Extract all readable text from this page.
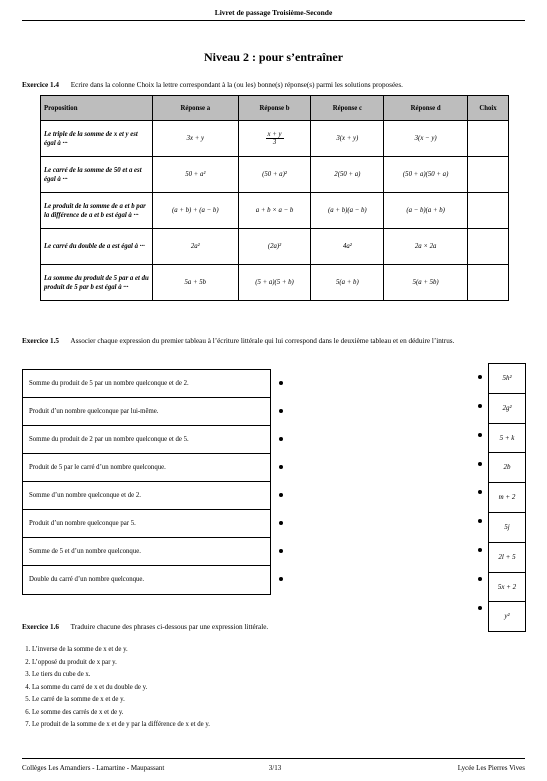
Livret de passage Troisième-Seconde
Niveau 2 : pour s’entraîner
Exercice 1.4 Ecrire dans la colonne Choix la lettre correspondant à la (ou les) bonne(s) réponse(s) parmi les solutions proposées.
Proposition	Réponse a	Réponse b	Réponse c	Réponse d	Choix
Le triple de la somme de x et y est égal à ···	3x + y	$\frac{x + y}{3}$	3(x + y)	3(x − y)	
Le carré de la somme de 50 et a est égal à ···	50 + a²	(50 + a)²	2(50 + a)	(50 + a)(50 + a)	
Le produit de la somme de a et b par la différence de a et b est égal à ···	(a + b) + (a − b)	a + b × a − b	(a + b)(a − b)	(a − b)(a + b)	
Le carré du double de a est égal à ···	2a²	(2a)²	4a²	2a × 2a	
La somme du produit de 5 par a et du produit de 5 par b est égal à ···	5a + 5b	(5 + a)(5 + b)	5(a + b)	5(a + 5b)	
Exercice 1.5 Associer chaque expression du premier tableau à l’écriture littérale qui lui correspond dans le deuxième tableau et en déduire l’intrus.
Somme du produit de 5 par un nombre quelconque et de 2.
Produit d’un nombre quelconque par lui-même.
Somme du produit de 2 par un nombre quelconque et de 5.
Produit de 5 par le carré d’un nombre quelconque.
Somme d’un nombre quelconque et de 2.
Produit d’un nombre quelconque par 5.
Somme de 5 et d’un nombre quelconque.
Double du carré d’un nombre quelconque.
5h²
2g²
5 + k
2b
m + 2
5j
2l + 5
5x + 2
y²
Exercice 1.6 Traduire chacune des phrases ci-dessous par une expression littérale.
1. L’inverse de la somme de x et de y.
2. L’opposé du produit de x par y.
3. Le tiers du cube de x.
4. La somme du carré de x et du double de y.
5. Le carré de la somme de x et de y.
6. Le somme des carrés de x et de y.
7. Le produit de la somme de x et de y par la différence de x et de y.
Collèges Les Amandiers - Lamartine - Maupassant	3/13	Lycée Les Pierres Vives
